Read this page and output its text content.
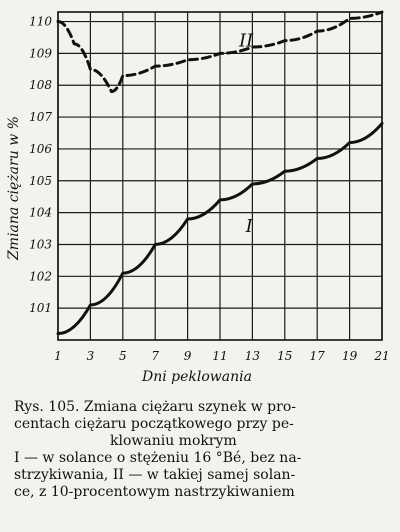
I
II
1 3 5 7 9 11 13 15 17 19 21
101
102
103
104
105
106
107
108
109
110
Zmiana ciężaru w %
Dni peklowania
Rys. 105. Zmiana ciężaru szynek w pro-
centach ciężaru początkowego przy pe-
klowaniu mokrym
I — w solance o stężeniu 16 °Bé, bez na-
strzykiwania, II — w takiej samej solan-
ce, z 10-procentowym nastrzykiwaniem
